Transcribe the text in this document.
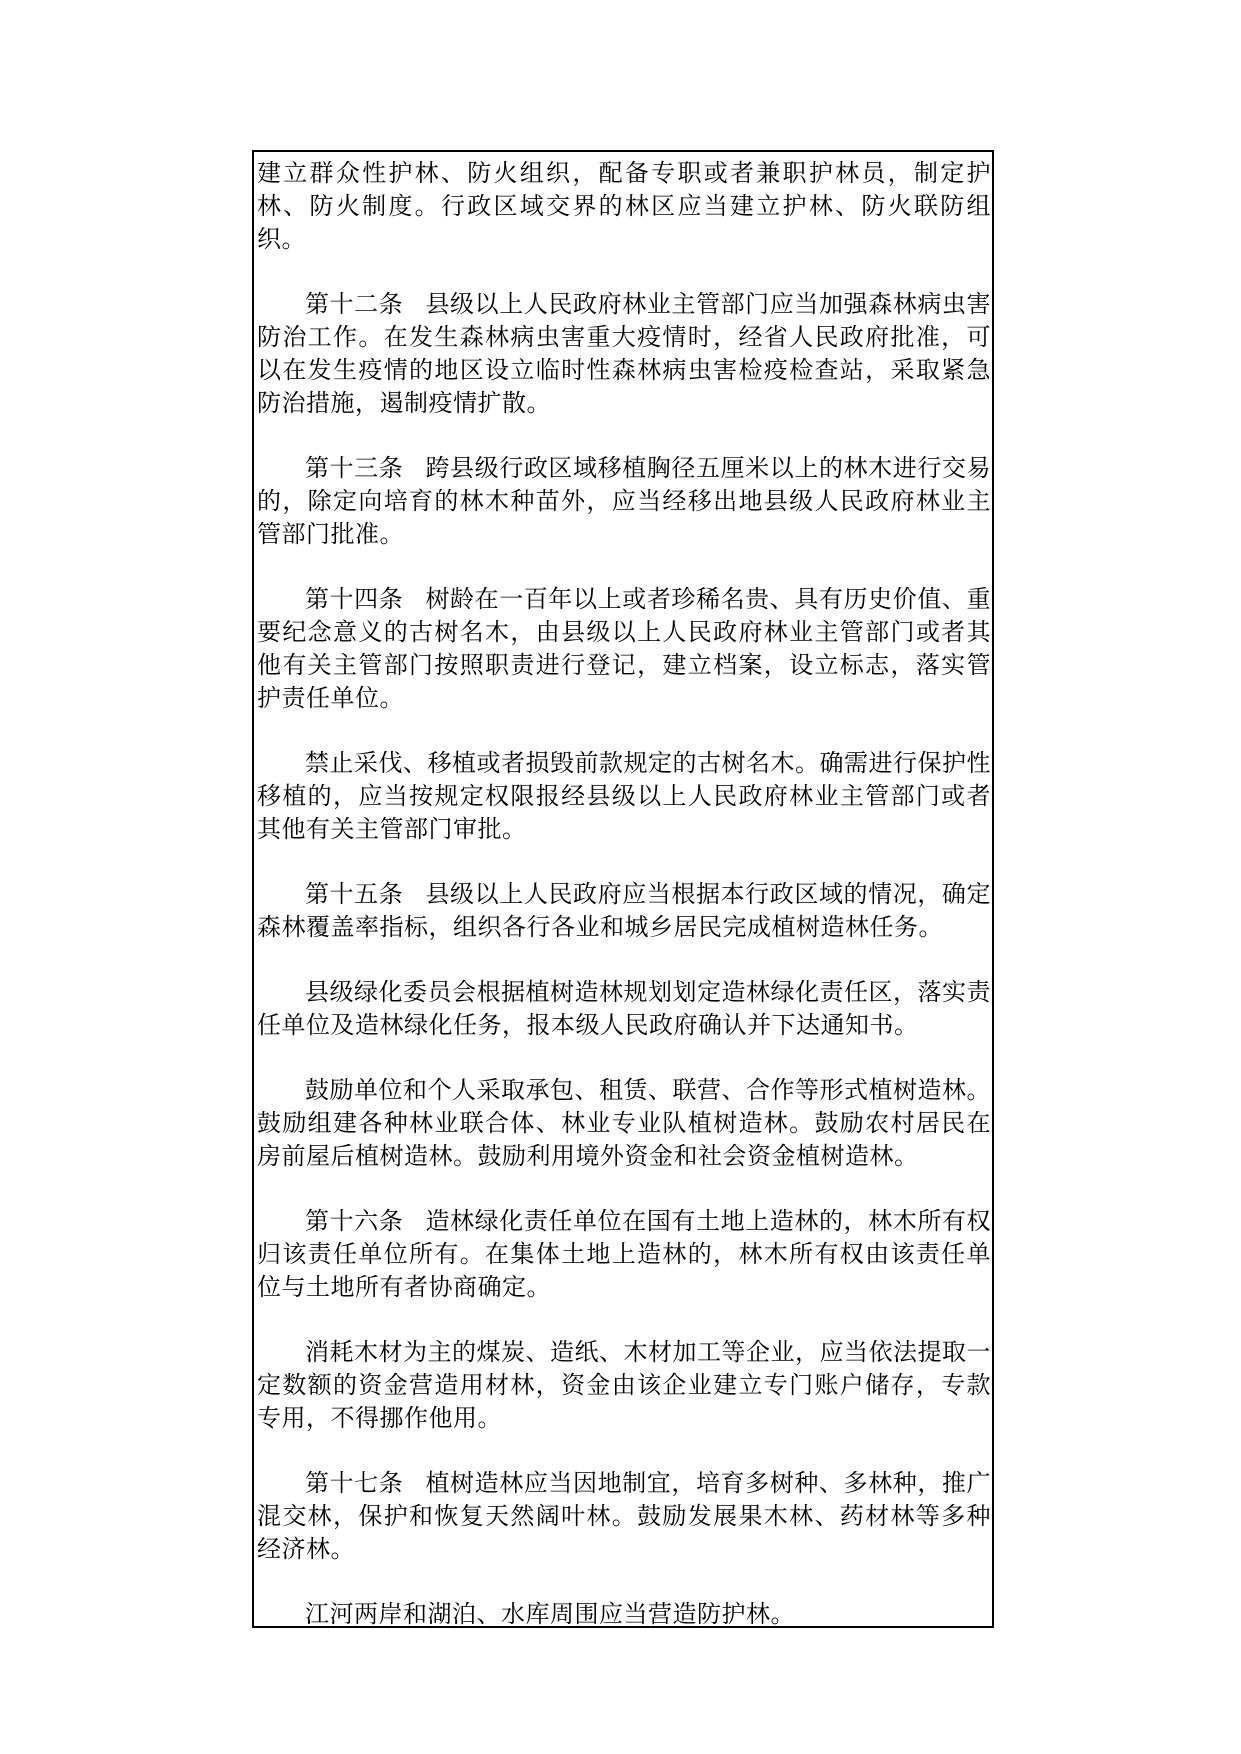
建立群众性护林、防火组织，配备专职或者兼职护林员，制定护林、防火制度。行政区域交界的林区应当建立护林、防火联防组织。

第十二条 县级以上人民政府林业主管部门应当加强森林病虫害防治工作。在发生森林病虫害重大疫情时，经省人民政府批准，可以在发生疫情的地区设立临时性森林病虫害检疫检查站，采取紧急防治措施，遏制疫情扩散。

第十三条 跨县级行政区域移植胸径五厘米以上的林木进行交易的，除定向培育的林木种苗外，应当经移出地县级人民政府林业主管部门批准。

第十四条 树龄在一百年以上或者珍稀名贵、具有历史价值、重要纪念意义的古树名木，由县级以上人民政府林业主管部门或者其他有关主管部门按照职责进行登记，建立档案，设立标志，落实管护责任单位。

禁止采伐、移植或者损毁前款规定的古树名木。确需进行保护性移植的，应当按规定权限报经县级以上人民政府林业主管部门或者其他有关主管部门审批。

第十五条 县级以上人民政府应当根据本行政区域的情况，确定森林覆盖率指标，组织各行各业和城乡居民完成植树造林任务。

县级绿化委员会根据植树造林规划划定造林绿化责任区，落实责任单位及造林绿化任务，报本级人民政府确认并下达通知书。

鼓励单位和个人采取承包、租赁、联营、合作等形式植树造林。鼓励组建各种林业联合体、林业专业队植树造林。鼓励农村居民在房前屋后植树造林。鼓励利用境外资金和社会资金植树造林。

第十六条 造林绿化责任单位在国有土地上造林的，林木所有权归该责任单位所有。在集体土地上造林的，林木所有权由该责任单位与土地所有者协商确定。

消耗木材为主的煤炭、造纸、木材加工等企业，应当依法提取一定数额的资金营造用材林，资金由该企业建立专门账户储存，专款专用，不得挪作他用。

第十七条 植树造林应当因地制宜，培育多树种、多林种，推广混交林，保护和恢复天然阔叶林。鼓励发展果木林、药材林等多种经济林。

江河两岸和湖泊、水库周围应当营造防护林。
